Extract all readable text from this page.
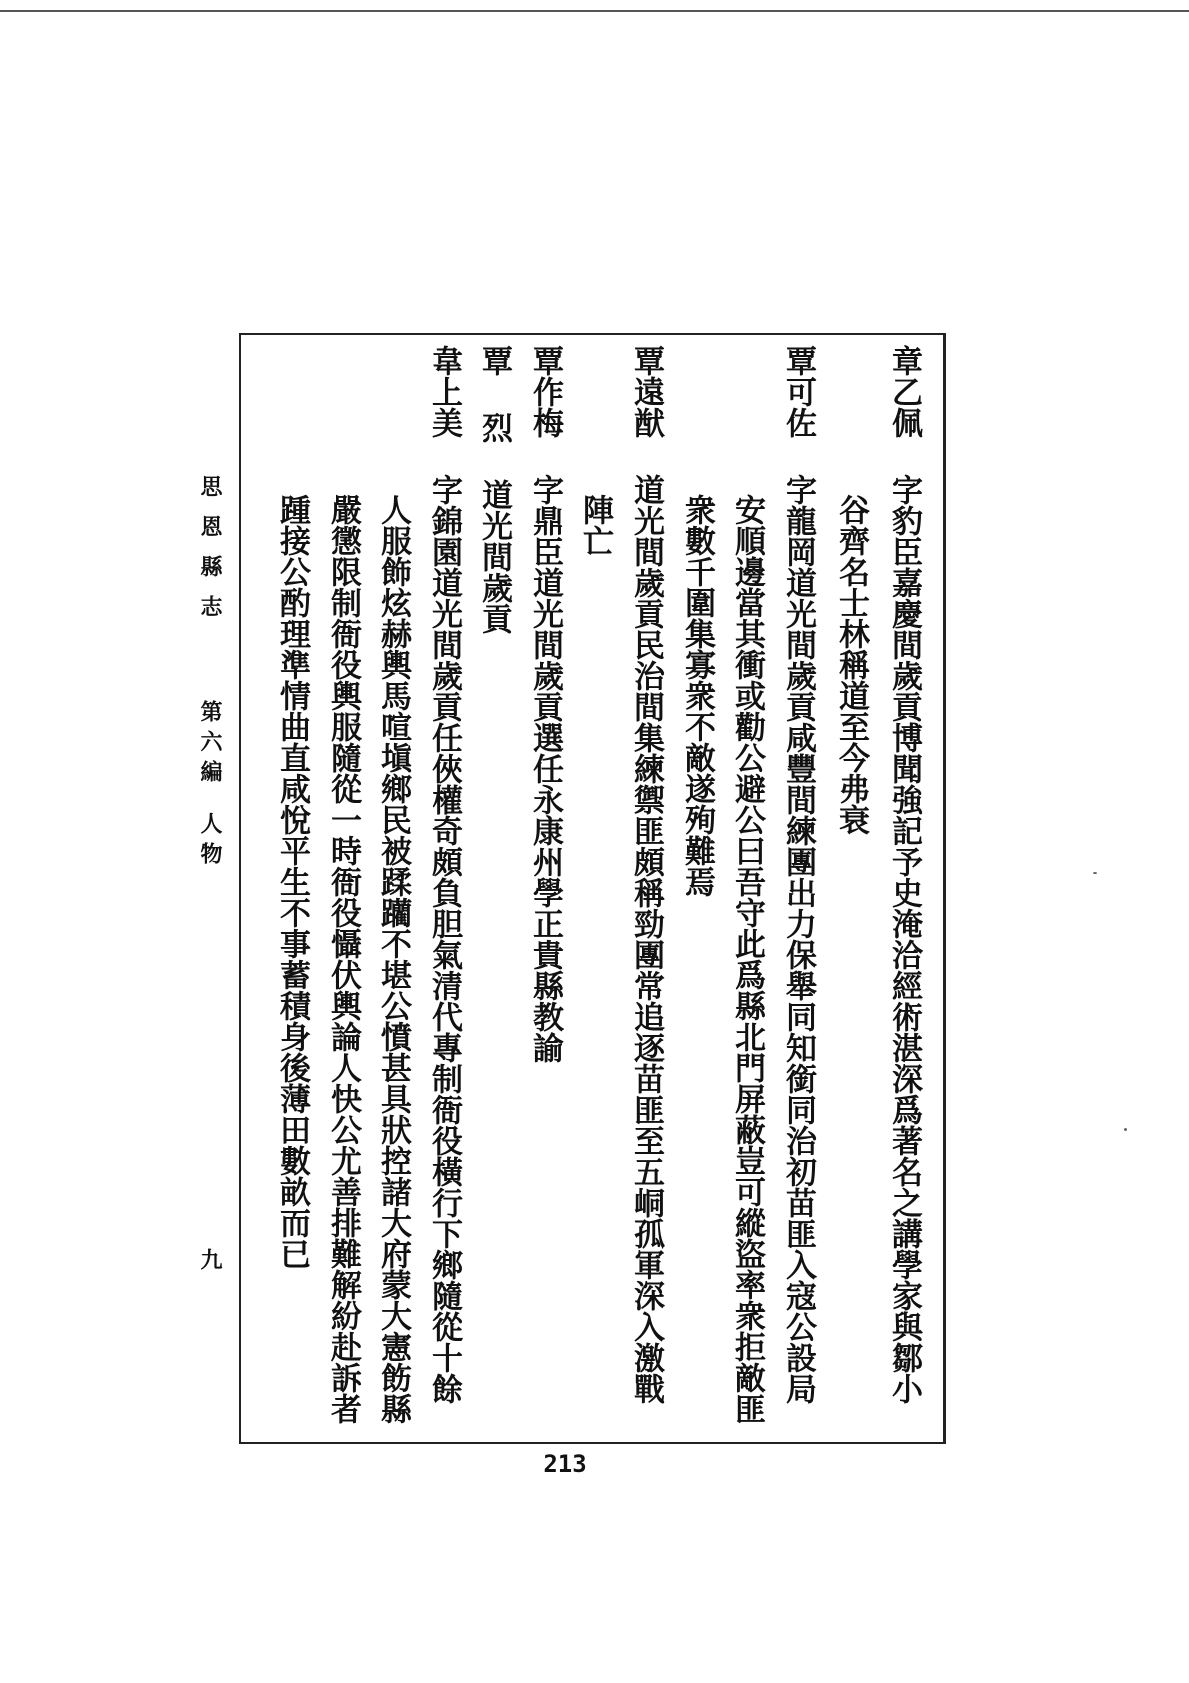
章乙佩 字豹臣嘉慶間歲貢博聞強記予史淹洽經術湛深爲著名之講學家與鄒小
谷齊名士林稱道至今弗衰
覃可佐 字龍岡道光間歲貢咸豐間練團出力保舉同知銜同治初苗匪入寇公設局
安順邊當其衝或勸公避公曰吾守此爲縣北門屏蔽豈可縱盜率衆拒敵匪
衆數千圍集寡衆不敵遂殉難焉
覃遠猷 道光間歲貢民治間集練禦匪頗稱勁團常追逐苗匪至五峒孤軍深入激戰
陣亡
覃作梅 字鼎臣道光間歲貢選任永康州學正貴縣教諭
覃 烈 道光間歲貢
韋上美 字錦園道光間歲貢任俠權奇頗負胆氣清代專制衙役橫行下鄉隨從十餘
人服飾炫赫輿馬喧塡鄉民被蹂躪不堪公憤甚具狀控諸大府蒙大憲飭縣
嚴懲限制衙役輿服隨從一時衙役懾伏輿論人快公尤善排難解紛赴訴者
踵接公酌理準情曲直咸悅平生不事蓄積身後薄田數畝而已
思恩縣志
第六編
人物
九
213
